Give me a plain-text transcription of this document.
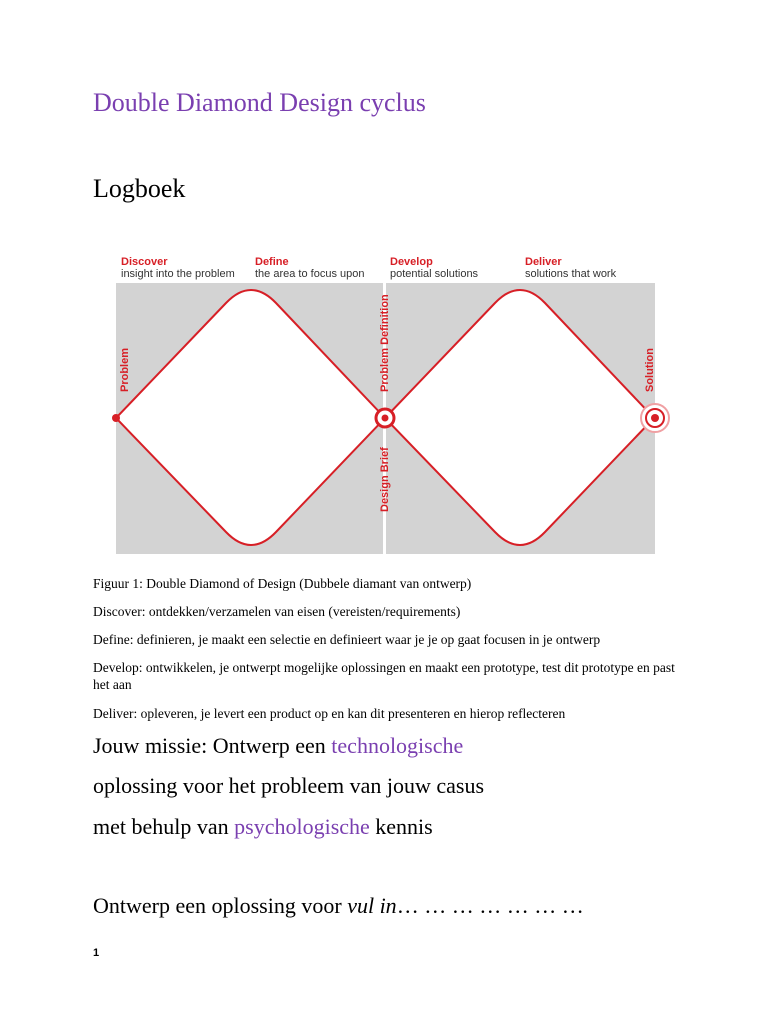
Double Diamond Design cyclus
Logboek
Discover
insight into the problem
Define
the area to focus upon
Develop
potential solutions
Deliver
solutions that work
Problem	Problem Definition
Design Brief
Solution
Figuur 1: Double Diamond of Design (Dubbele diamant van ontwerp)
Discover: ontdekken/verzamelen van eisen (vereisten/requirements)
Define: definieren, je maakt een selectie en definieert waar je je op gaat focusen in je ontwerp
Develop: ontwikkelen, je ontwerpt mogelijke oplossingen en maakt een prototype, test dit prototype en past het aan
Deliver: opleveren, je levert een product op en kan dit presenteren en hierop reflecteren
Jouw missie: Ontwerp een technologische
oplossing voor het probleem van jouw casus
met behulp van psychologische kennis
Ontwerp een oplossing voor vul in… … … … … … …
1
